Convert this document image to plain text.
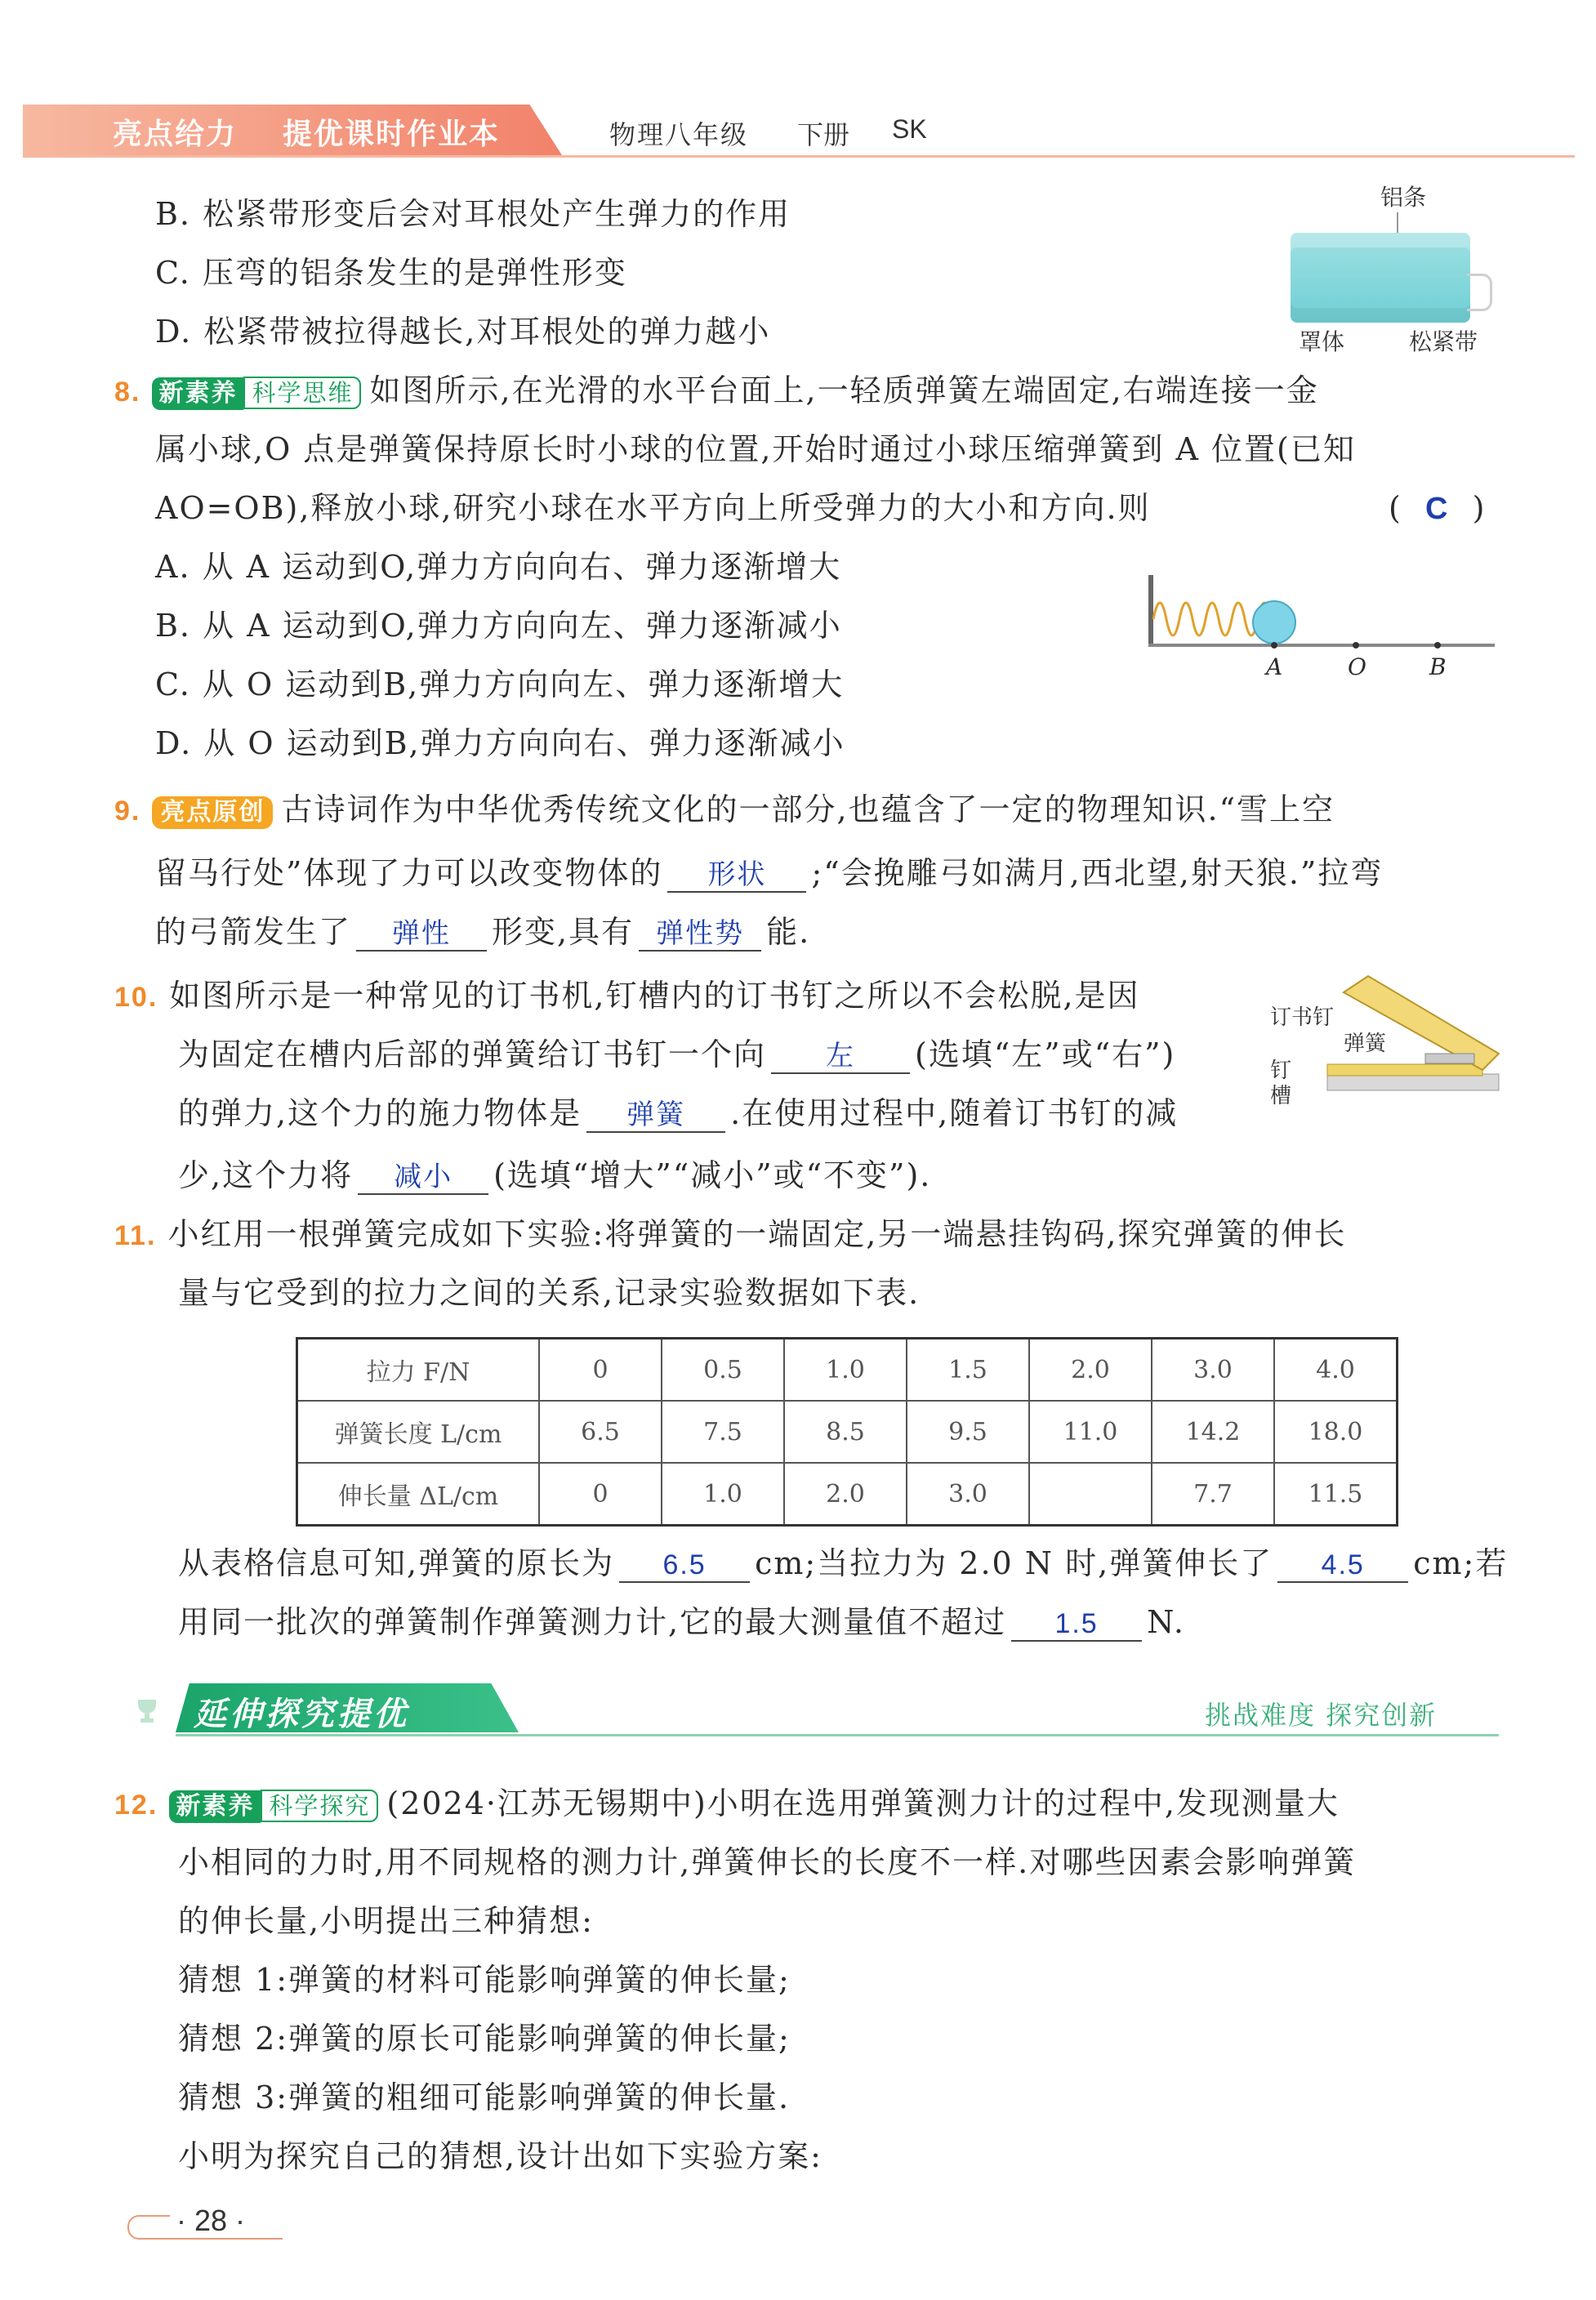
亮点给力 提优课时作业本	物理八年级 下册 SK
B. 松紧带形变后会对耳根处产生弹力的作用
C. 压弯的铝条发生的是弹性形变
D. 松紧带被拉得越长,对耳根处的弹力越小
铝条
罩体	松紧带
8. 新素养 科学思维 如图所示,在光滑的水平台面上,一轻质弹簧左端固定,右端连接一金
属小球,O 点是弹簧保持原长时小球的位置,开始时通过小球压缩弹簧到 A 位置(已知
AO=OB),释放小球,研究小球在水平方向上所受弹力的大小和方向.则	(  C  )
A. 从 A 运动到O,弹力方向向右、弹力逐渐增大
B. 从 A 运动到O,弹力方向向左、弹力逐渐减小
C. 从 O 运动到B,弹力方向向左、弹力逐渐增大
D. 从 O 运动到B,弹力方向向右、弹力逐渐减小
A	O	B
9. 亮点原创 古诗词作为中华优秀传统文化的一部分,也蕴含了一定的物理知识.“雪上空
留马行处”体现了力可以改变物体的 形状 ;“会挽雕弓如满月,西北望,射天狼.”拉弯
的弓箭发生了 弹性 形变,具有 弹性势 能.
10. 如图所示是一种常见的订书机,钉槽内的订书钉之所以不会松脱,是因
为固定在槽内后部的弹簧给订书钉一个向 左 (选填“左”或“右”)
的弹力,这个力的施力物体是 弹簧 .在使用过程中,随着订书钉的减
少,这个力将 减小 (选填“增大”“减小”或“不变”).
订书钉
弹簧
钉
槽
11. 小红用一根弹簧完成如下实验:将弹簧的一端固定,另一端悬挂钩码,探究弹簧的伸长
量与它受到的拉力之间的关系,记录实验数据如下表.
拉力 F/N	0	0.5	1.0	1.5	2.0	3.0	4.0
弹簧长度 L/cm	6.5	7.5	8.5	9.5	11.0	14.2	18.0
伸长量 ΔL/cm	0	1.0	2.0	3.0		7.7	11.5
从表格信息可知,弹簧的原长为 6.5 cm;当拉力为 2.0 N 时,弹簧伸长了 4.5 cm;若
用同一批次的弹簧制作弹簧测力计,它的最大测量值不超过 1.5 N.
延伸探究提优	挑战难度 探究创新
12. 新素养 科学探究 (2024·江苏无锡期中)小明在选用弹簧测力计的过程中,发现测量大
小相同的力时,用不同规格的测力计,弹簧伸长的长度不一样.对哪些因素会影响弹簧
的伸长量,小明提出三种猜想:
猜想 1:弹簧的材料可能影响弹簧的伸长量;
猜想 2:弹簧的原长可能影响弹簧的伸长量;
猜想 3:弹簧的粗细可能影响弹簧的伸长量.
小明为探究自己的猜想,设计出如下实验方案:
· 28 ·
